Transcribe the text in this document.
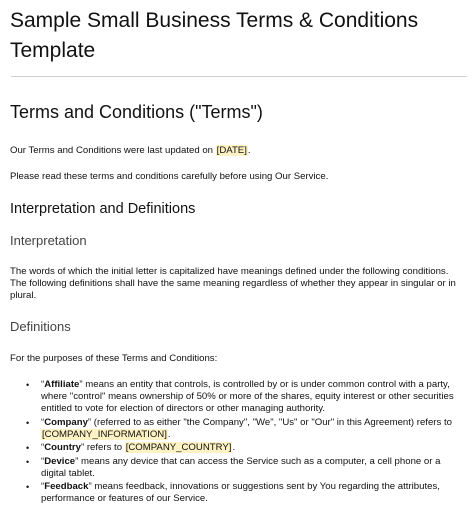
Sample Small Business Terms & Conditions
Template
Terms and Conditions ("Terms")

Our Terms and Conditions were last updated on [DATE].

Please read these terms and conditions carefully before using Our Service.

Interpretation and Definitions
Interpretation

The words of which the initial letter is capitalized have meanings defined under the following conditions.
The following definitions shall have the same meaning regardless of whether they appear in singular or in
plural.

Definitions

For the purposes of these Terms and Conditions:

• “Affiliate” means an entity that controls, is controlled by or is under common control with a party,
where "control" means ownership of 50% or more of the shares, equity interest or other securities
entitled to vote for election of directors or other managing authority.
• “Company” (referred to as either "the Company", "We", "Us" or "Our" in this Agreement) refers to
[COMPANY_INFORMATION].
• “Country” refers to [COMPANY_COUNTRY].
• “Device” means any device that can access the Service such as a computer, a cell phone or a
digital tablet.
• “Feedback” means feedback, innovations or suggestions sent by You regarding the attributes,
performance or features of our Service.
